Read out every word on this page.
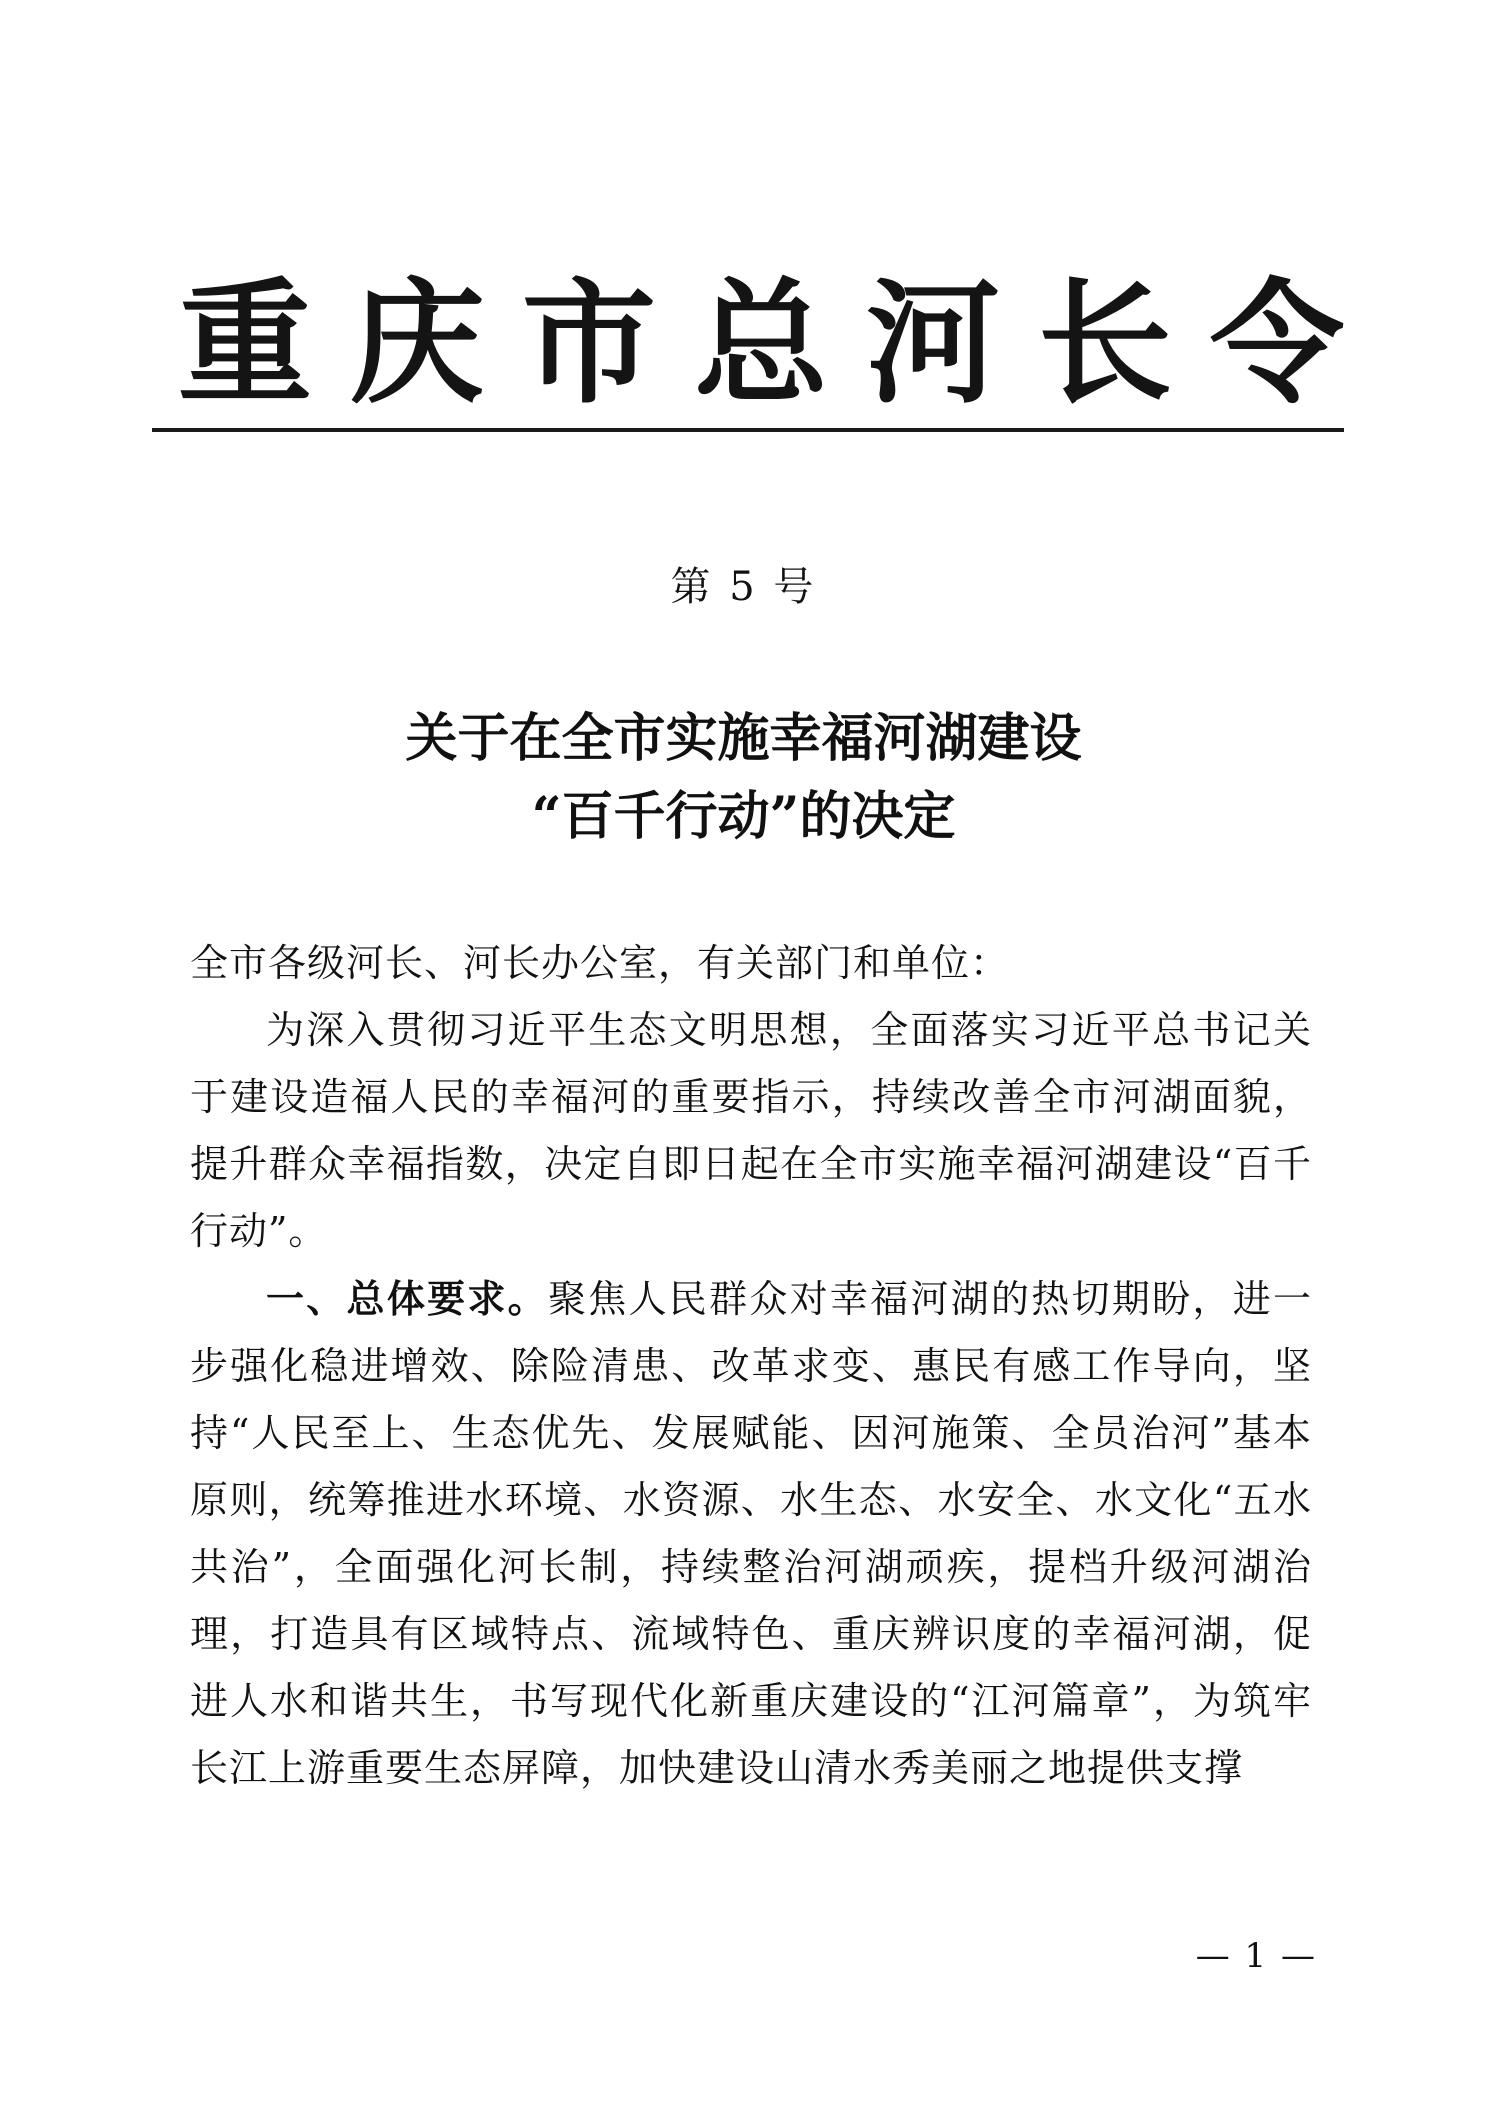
重庆市总河长令
第 5 号
关于在全市实施幸福河湖建设
“百千行动”的决定

全市各级河长、河长办公室，有关部门和单位：

为深入贯彻习近平生态文明思想，全面落实习近平总书记关于建设造福人民的幸福河的重要指示，持续改善全市河湖面貌，提升群众幸福指数，决定自即日起在全市实施幸福河湖建设“百千行动”。

一、总体要求。聚焦人民群众对幸福河湖的热切期盼，进一步强化稳进增效、除险清患、改革求变、惠民有感工作导向，坚持“人民至上、生态优先、发展赋能、因河施策、全员治河”基本原则，统筹推进水环境、水资源、水生态、水安全、水文化“五水共治”，全面强化河长制，持续整治河湖顽疾，提档升级河湖治理，打造具有区域特点、流域特色、重庆辨识度的幸福河湖，促进人水和谐共生，书写现代化新重庆建设的“江河篇章”，为筑牢长江上游重要生态屏障，加快建设山清水秀美丽之地提供支撑

— 1 —
